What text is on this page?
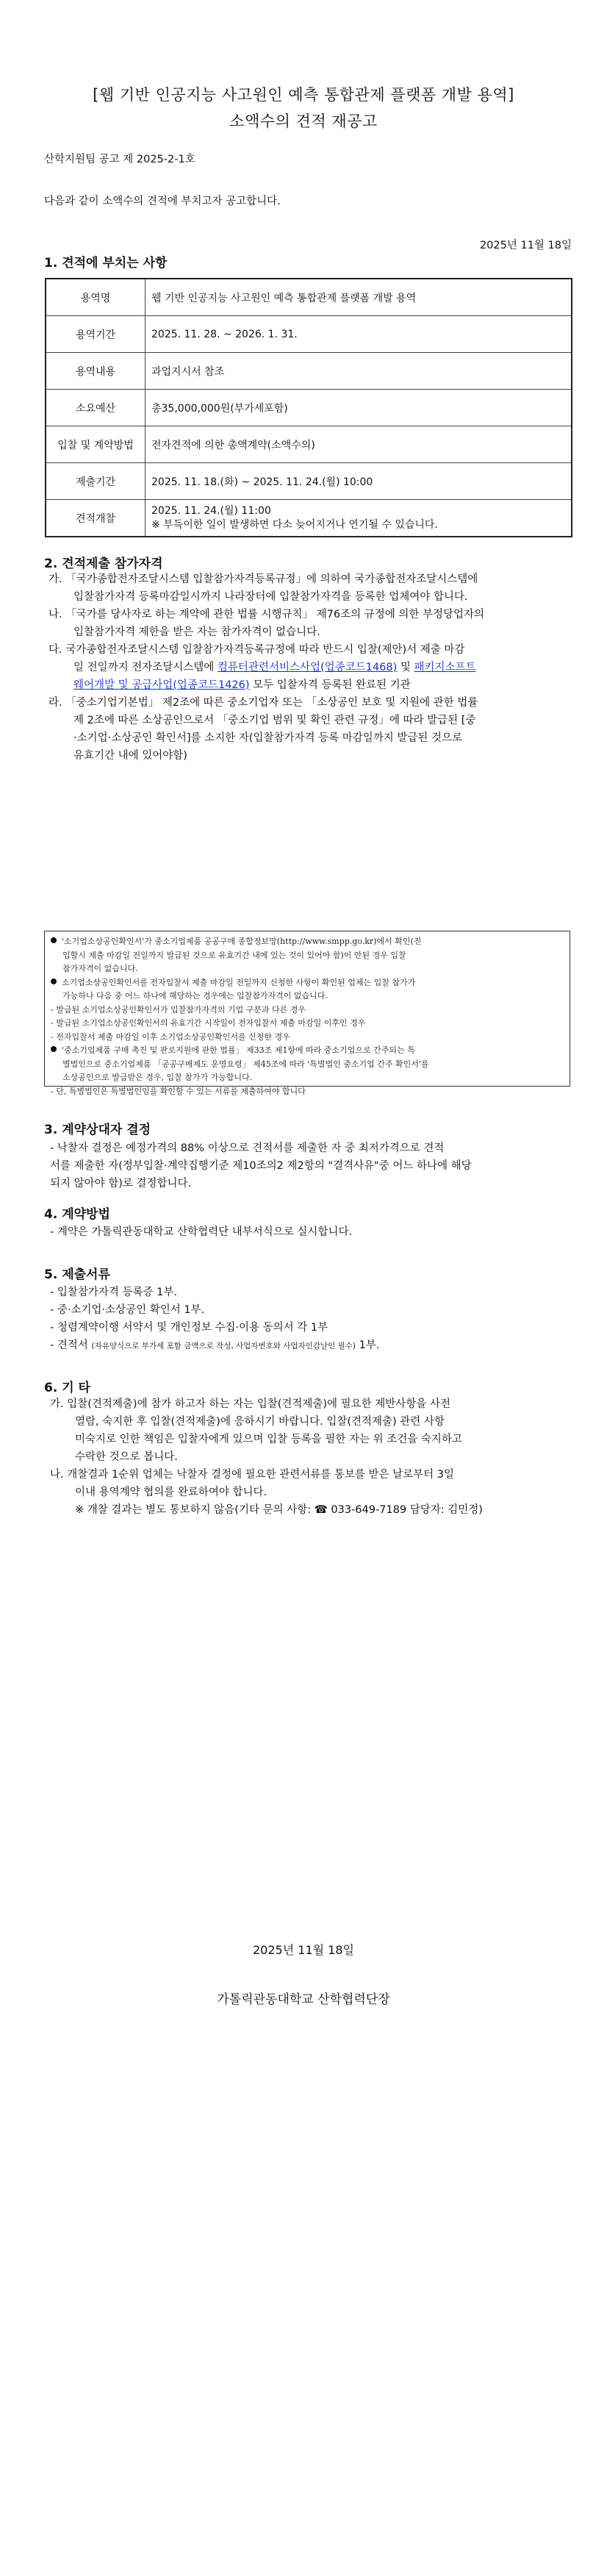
[웹 기반 인공지능 사고원인 예측 통합관제 플랫폼 개발 용역]
소액수의 견적 재공고
산학지원팀 공고 제 2025-2-1호
다음과 같이 소액수의 견적에 부치고자 공고합니다.
2025년 11월 18일
1. 견적에 부치는 사항
용역명	웹 기반 인공지능 사고원인 예측 통합관제 플랫폼 개발 용역
용역기간	2025. 11. 28. ~ 2026. 1. 31.
용역내용	과업지시서 참조
소요예산	총35,000,000원(부가세포함)
입찰 및 계약방법	전자견적에 의한 총액계약(소액수의)
제출기간	2025. 11. 18.(화) ~ 2025. 11. 24.(월) 10:00
견적개찰	2025. 11. 24.(월) 11:00
※ 부득이한 일이 발생하면 다소 늦어지거나 연기될 수 있습니다.
2. 견적제출 참가자격
가. 「국가종합전자조달시스템 입찰참가자격등록규정」에 의하여 국가종합전자조달시스템에
입찰참가자격 등록마감일시까지 나라장터에 입찰참가자격을 등록한 업체여야 합니다.
나. 「국가를 당사자로 하는 계약에 관한 법률 시행규칙」 제76조의 규정에 의한 부정당업자의
입찰참가자격 제한을 받은 자는 참가자격이 없습니다.
다. 국가종합전자조달시스템 입찰참가자격등록규정에 따라 반드시 입찰(제안)서 제출 마감
일 전일까지 전자조달시스템에 컴퓨터관련서비스사업(업종코드1468) 및 패키지소프트
웨어개발 및 공급사업(업종코드1426) 모두 입찰자격 등록된 완료된 기관
라. 「중소기업기본법」 제2조에 따른 중소기업자 또는 「소상공인 보호 및 지원에 관한 법률
제 2조에 따른 소상공인으로서 「중소기업 범위 및 확인 관련 규정」에 따라 발급된 [중
·소기업·소상공인 확인서]를 소지한 자(입찰참가자격 등록 마감일까지 발급된 것으로
유효기간 내에 있어야함)
'소기업소상공인확인서'가 중소기업제품 공공구매 종합정보망(http://www.smpp.go.kr)에서 확인(진
입할시 제출 마감일 전일까지 발급된 것으로 유효기간 내에 있는 것이 있어야 함)이 안된 경우 입찰
참가자격이 없습니다.
소기업소상공인확인서를 전자입찰서 제출 마감일 전일까지 신청한 사항이 확인된 업체는 입찰 참가가
가능하나 다음 중 어느 하나에 해당하는 경우에는 입찰참가자격이 없습니다.
- 발급된 소기업소상공인확인서가 입찰참가자격의 기업 구분과 다른 경우
- 발급된 소기업소상공인확인서의 유효기간 시작일이 전자입찰서 제출 마감일 이후인 경우
- 전자입찰서 제출 마감일 이후 소기업소상공인확인서를 신청한 경우
'중소기업제품 구매 촉진 및 판로지원에 관한 법률」 제33조 제1항에 따라 중소기업으로 간주되는 특
별법인으로 중소기업제품 「공공구매제도 운영요령」 제45조에 따라 '특별법인 중소기업 간주 확인서'를
소상공인으로 발급받은 경우, 입찰 참가가 가능합니다.
- 단, 특별법인은 특별법인임을 확인할 수 있는 서류를 제출하여야 합니다
3. 계약상대자 결정
- 낙찰자 결정은 예정가격의 88% 이상으로 견적서를 제출한 자 중 최저가격으로 견적
서를 제출한 자(정부입찰·계약집행기준 제10조의2 제2항의 "결격사유"중 어느 하나에 해당
되지 않아야 함)로 결정합니다.
4. 계약방법
- 계약은 가톨릭관동대학교 산학협력단 내부서식으로 실시합니다.
5. 제출서류
- 입찰참가자격 등록증 1부.
- 중·소기업·소상공인 확인서 1부.
- 청렴계약이행 서약서 및 개인정보 수집·이용 동의서 각 1부
- 견적서 (자유양식으로 부가세 포함 금액으로 작성, 사업자번호와 사업자인감날인 필수) 1부.
6. 기 타
가. 입찰(견적제출)에 참가 하고자 하는 자는 입찰(견적제출)에 필요한 제반사항을 사전
열람, 숙지한 후 입찰(견적제출)에 응하시기 바랍니다. 입찰(견적제출) 관련 사항
미숙지로 인한 책임은 입찰자에게 있으며 입찰 등록을 필한 자는 위 조건을 숙지하고
수락한 것으로 봅니다.
나. 개찰결과 1순위 업체는 낙찰자 결정에 필요한 관련서류를 통보를 받은 날로부터 3일
이내 용역계약 협의를 완료하여야 합니다.
※ 개찰 결과는 별도 통보하지 않음(기타 문의 사항: ☎ 033-649-7189 담당자: 김민정)
2025년 11월 18일
가톨릭관동대학교 산학협력단장
